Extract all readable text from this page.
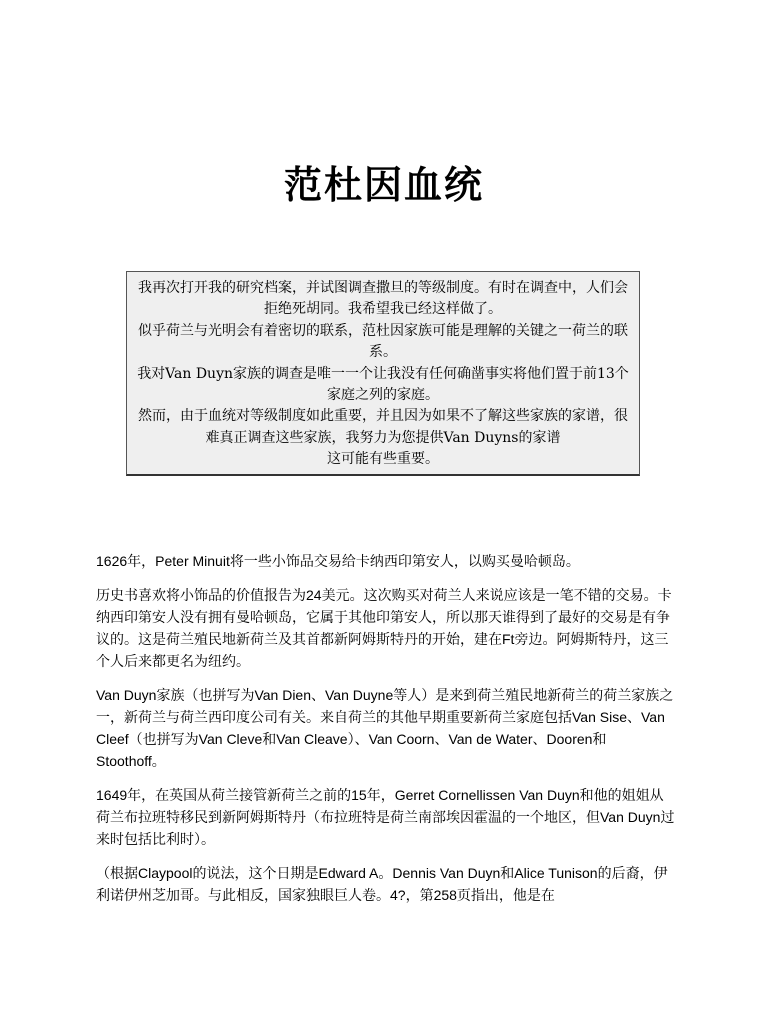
范杜因血统

我再次打开我的研究档案，并试图调查撒旦的等级制度。有时在调查中，人们会拒绝死胡同。我希望我已经这样做了。

似乎荷兰与光明会有着密切的联系，范杜因家族可能是理解的关键之一荷兰的联系。

我对Van Duyn家族的调查是唯一一个让我没有任何确凿事实将他们置于前13个家庭之列的家庭。

然而，由于血统对等级制度如此重要，并且因为如果不了解这些家族的家谱，很难真正调查这些家族，我努力为您提供Van Duyns的家谱

这可能有些重要。

1626年，Peter Minuit将一些小饰品交易给卡纳西印第安人，以购买曼哈顿岛。

历史书喜欢将小饰品的价值报告为24美元。这次购买对荷兰人来说应该是一笔不错的交易。卡纳西印第安人没有拥有曼哈顿岛，它属于其他印第安人，所以那天谁得到了最好的交易是有争议的。这是荷兰殖民地新荷兰及其首都新阿姆斯特丹的开始，建在Ft旁边。阿姆斯特丹，这三个人后来都更名为纽约。

Van Duyn家族（也拼写为Van Dien、Van Duyne等人）是来到荷兰殖民地新荷兰的荷兰家族之一，新荷兰与荷兰西印度公司有关。来自荷兰的其他早期重要新荷兰家庭包括Van Sise、Van Cleef（也拼写为Van Cleve和Van Cleave）、Van Coorn、Van de Water、Dooren和Stoothoff。

1649年，在英国从荷兰接管新荷兰之前的15年，Gerret Cornellissen Van Duyn和他的姐姐从荷兰布拉班特移民到新阿姆斯特丹（布拉班特是荷兰南部埃因霍温的一个地区，但Van Duyn过来时包括比利时）。

（根据Claypool的说法，这个日期是Edward A。Dennis Van Duyn和Alice Tunison的后裔，伊利诺伊州芝加哥。与此相反，国家独眼巨人卷。4?，第258页指出，他是在
